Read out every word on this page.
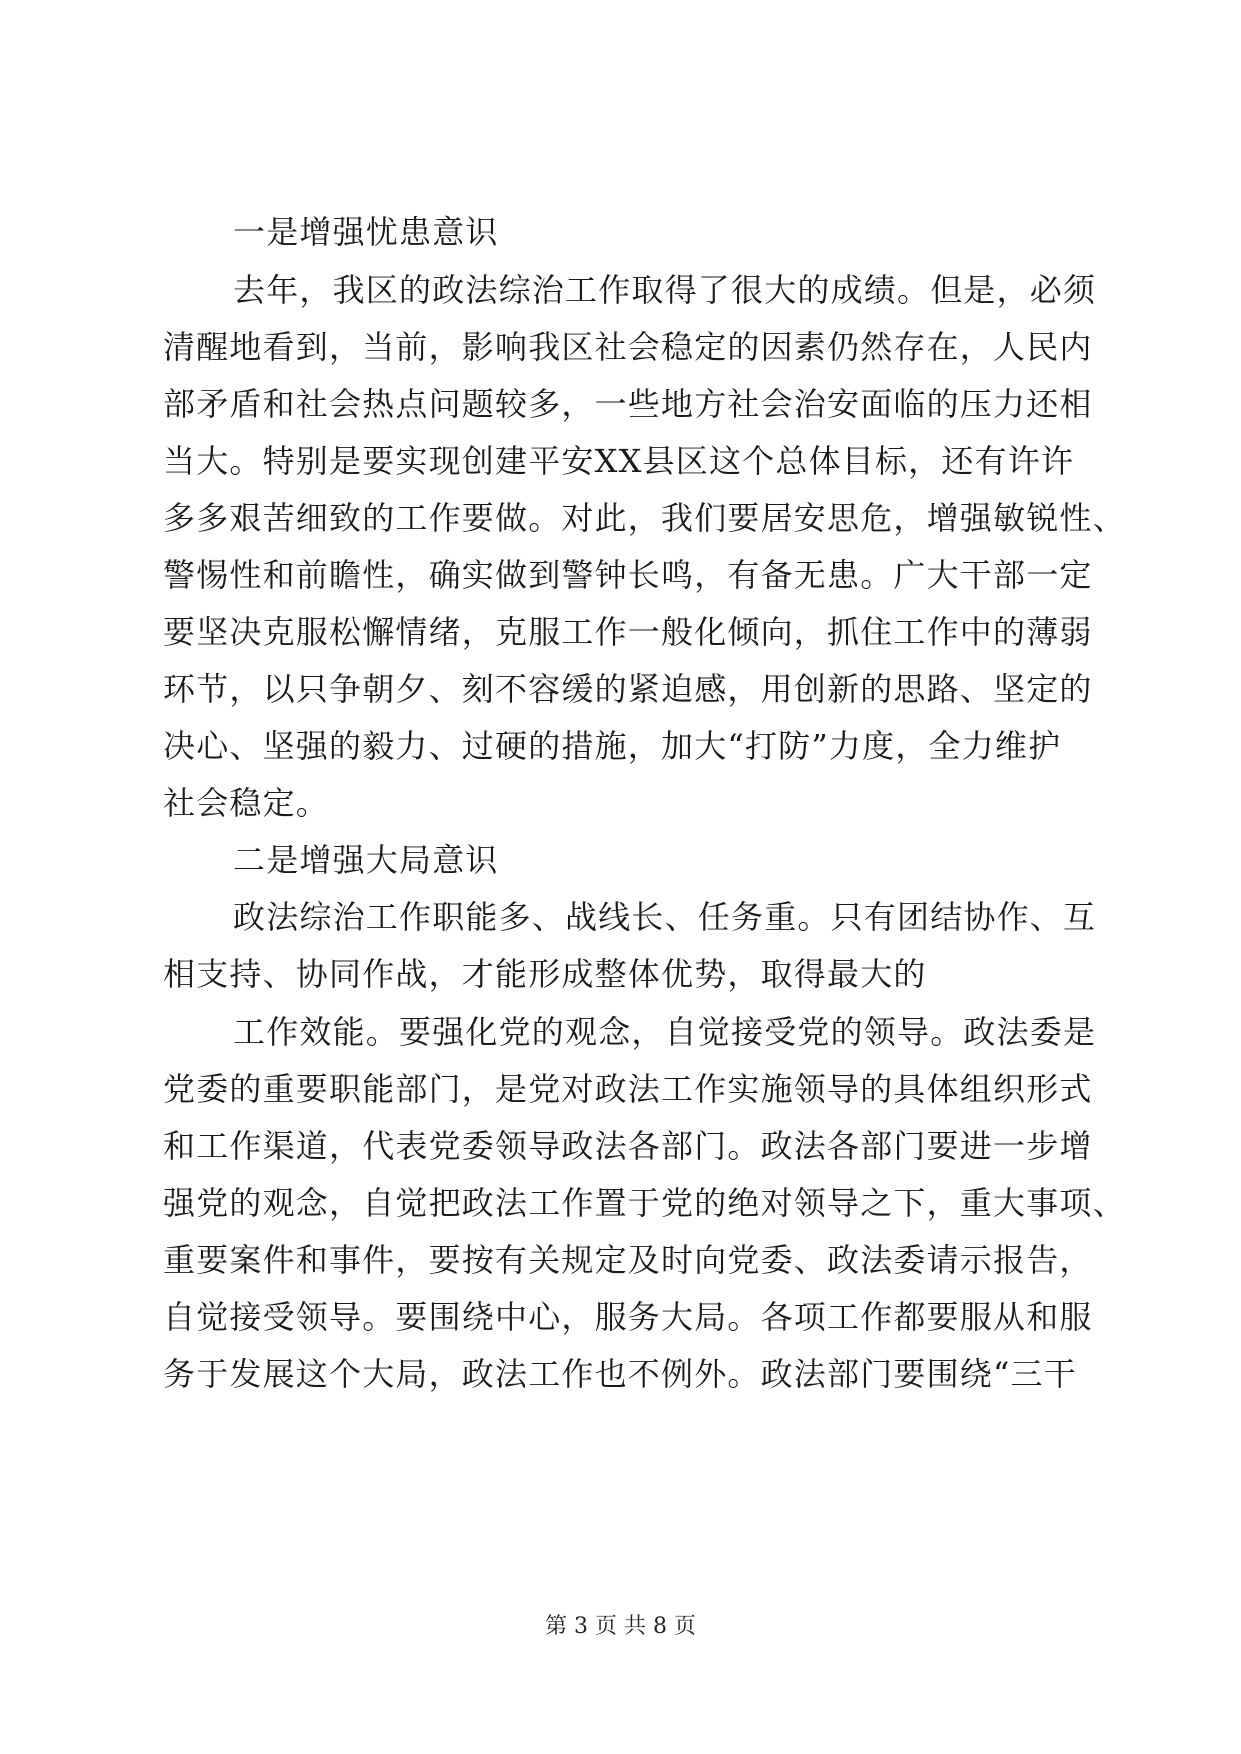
一是增强忧患意识
去年，我区的政法综治工作取得了很大的成绩。但是，必须
清醒地看到，当前，影响我区社会稳定的因素仍然存在，人民内
部矛盾和社会热点问题较多，一些地方社会治安面临的压力还相
当大。特别是要实现创建平安XX县区这个总体目标，还有许许
多多艰苦细致的工作要做。对此，我们要居安思危，增强敏锐性、
警惕性和前瞻性，确实做到警钟长鸣，有备无患。广大干部一定
要坚决克服松懈情绪，克服工作一般化倾向，抓住工作中的薄弱
环节，以只争朝夕、刻不容缓的紧迫感，用创新的思路、坚定的
决心、坚强的毅力、过硬的措施，加大“打防”力度，全力维护
社会稳定。
二是增强大局意识
政法综治工作职能多、战线长、任务重。只有团结协作、互
相支持、协同作战，才能形成整体优势，取得最大的
工作效能。要强化党的观念，自觉接受党的领导。政法委是
党委的重要职能部门，是党对政法工作实施领导的具体组织形式
和工作渠道，代表党委领导政法各部门。政法各部门要进一步增
强党的观念，自觉把政法工作置于党的绝对领导之下，重大事项、
重要案件和事件，要按有关规定及时向党委、政法委请示报告，
自觉接受领导。要围绕中心，服务大局。各项工作都要服从和服
务于发展这个大局，政法工作也不例外。政法部门要围绕“三干
第 3 页 共 8 页
